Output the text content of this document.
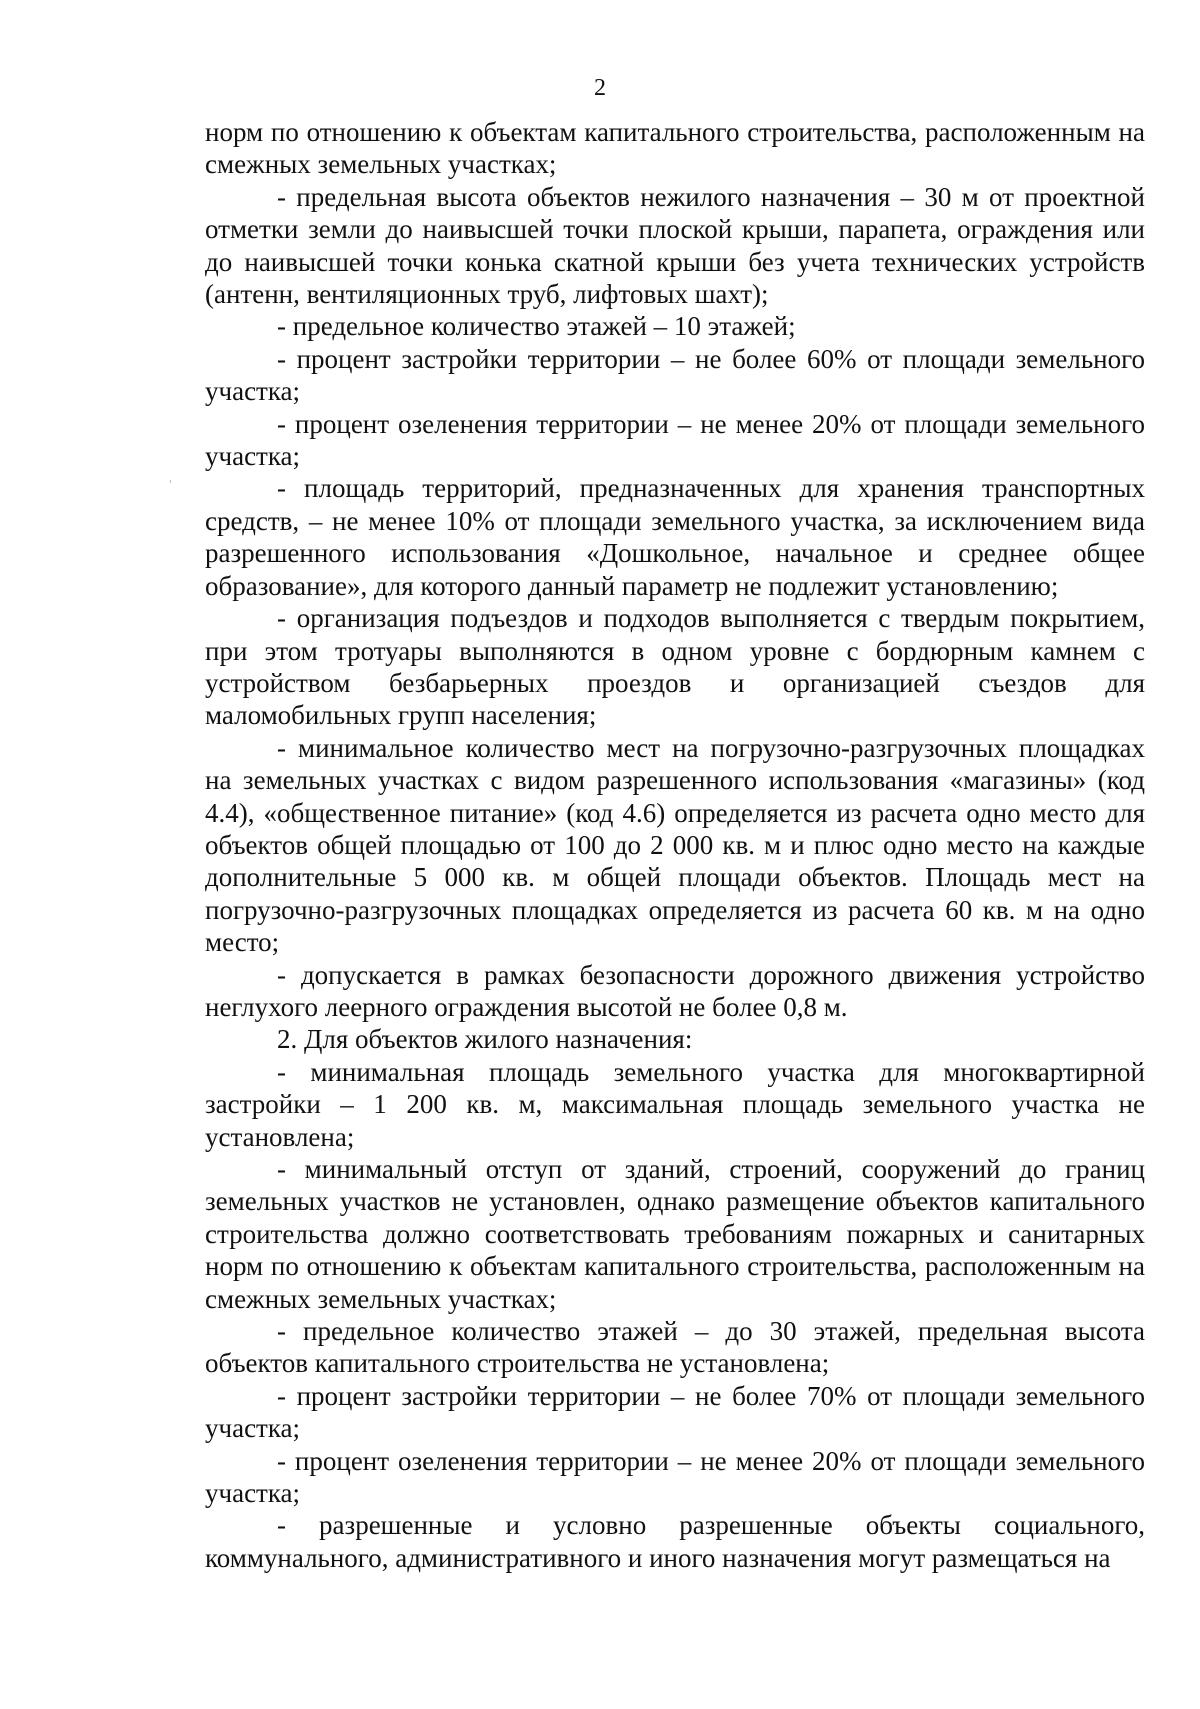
2

норм по отношению к объектам капитального строительства, расположенным на смежных земельных участках;

- предельная высота объектов нежилого назначения – 30 м от проектной отметки земли до наивысшей точки плоской крыши, парапета, ограждения или до наивысшей точки конька скатной крыши без учета технических устройств (антенн, вентиляционных труб, лифтовых шахт);

- предельное количество этажей – 10 этажей;

- процент застройки территории – не более 60% от площади земельного участка;

- процент озеленения территории – не менее 20% от площади земельного участка;

- площадь территорий, предназначенных для хранения транспортных средств, – не менее 10% от площади земельного участка, за исключением вида разрешенного использования «Дошкольное, начальное и среднее общее образование», для которого данный параметр не подлежит установлению;

- организация подъездов и подходов выполняется с твердым покрытием, при этом тротуары выполняются в одном уровне с бордюрным камнем с устройством безбарьерных проездов и организацией съездов для маломобильных групп населения;

- минимальное количество мест на погрузочно-разгрузочных площадках на земельных участках с видом разрешенного использования «магазины» (код 4.4), «общественное питание» (код 4.6) определяется из расчета одно место для объектов общей площадью от 100 до 2 000 кв. м и плюс одно место на каждые дополнительные 5 000 кв. м общей площади объектов. Площадь мест на погрузочно-разгрузочных площадках определяется из расчета 60 кв. м на одно место;

- допускается в рамках безопасности дорожного движения устройство неглухого леерного ограждения высотой не более 0,8 м.

2. Для объектов жилого назначения:

- минимальная площадь земельного участка для многоквартирной застройки – 1 200 кв. м, максимальная площадь земельного участка не установлена;

- минимальный отступ от зданий, строений, сооружений до границ земельных участков не установлен, однако размещение объектов капитального строительства должно соответствовать требованиям пожарных и санитарных норм по отношению к объектам капитального строительства, расположенным на смежных земельных участках;

- предельное количество этажей – до 30 этажей, предельная высота объектов капитального строительства не установлена;

- процент застройки территории – не более 70% от площади земельного участка;

- процент озеленения территории – не менее 20% от площади земельного участка;

- разрешенные и условно разрешенные объекты социального, коммунального, административного и иного назначения могут размещаться на
